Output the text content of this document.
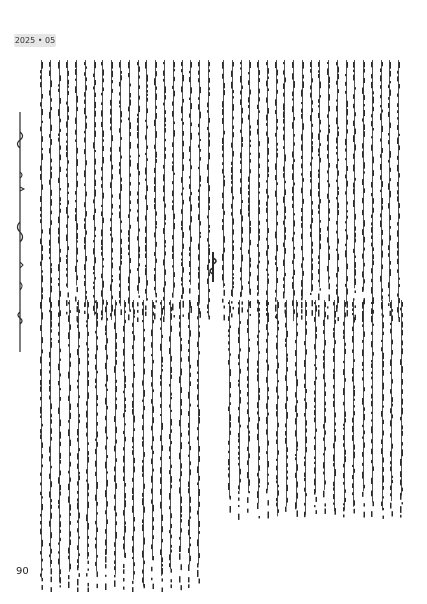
2025 • 05
90
